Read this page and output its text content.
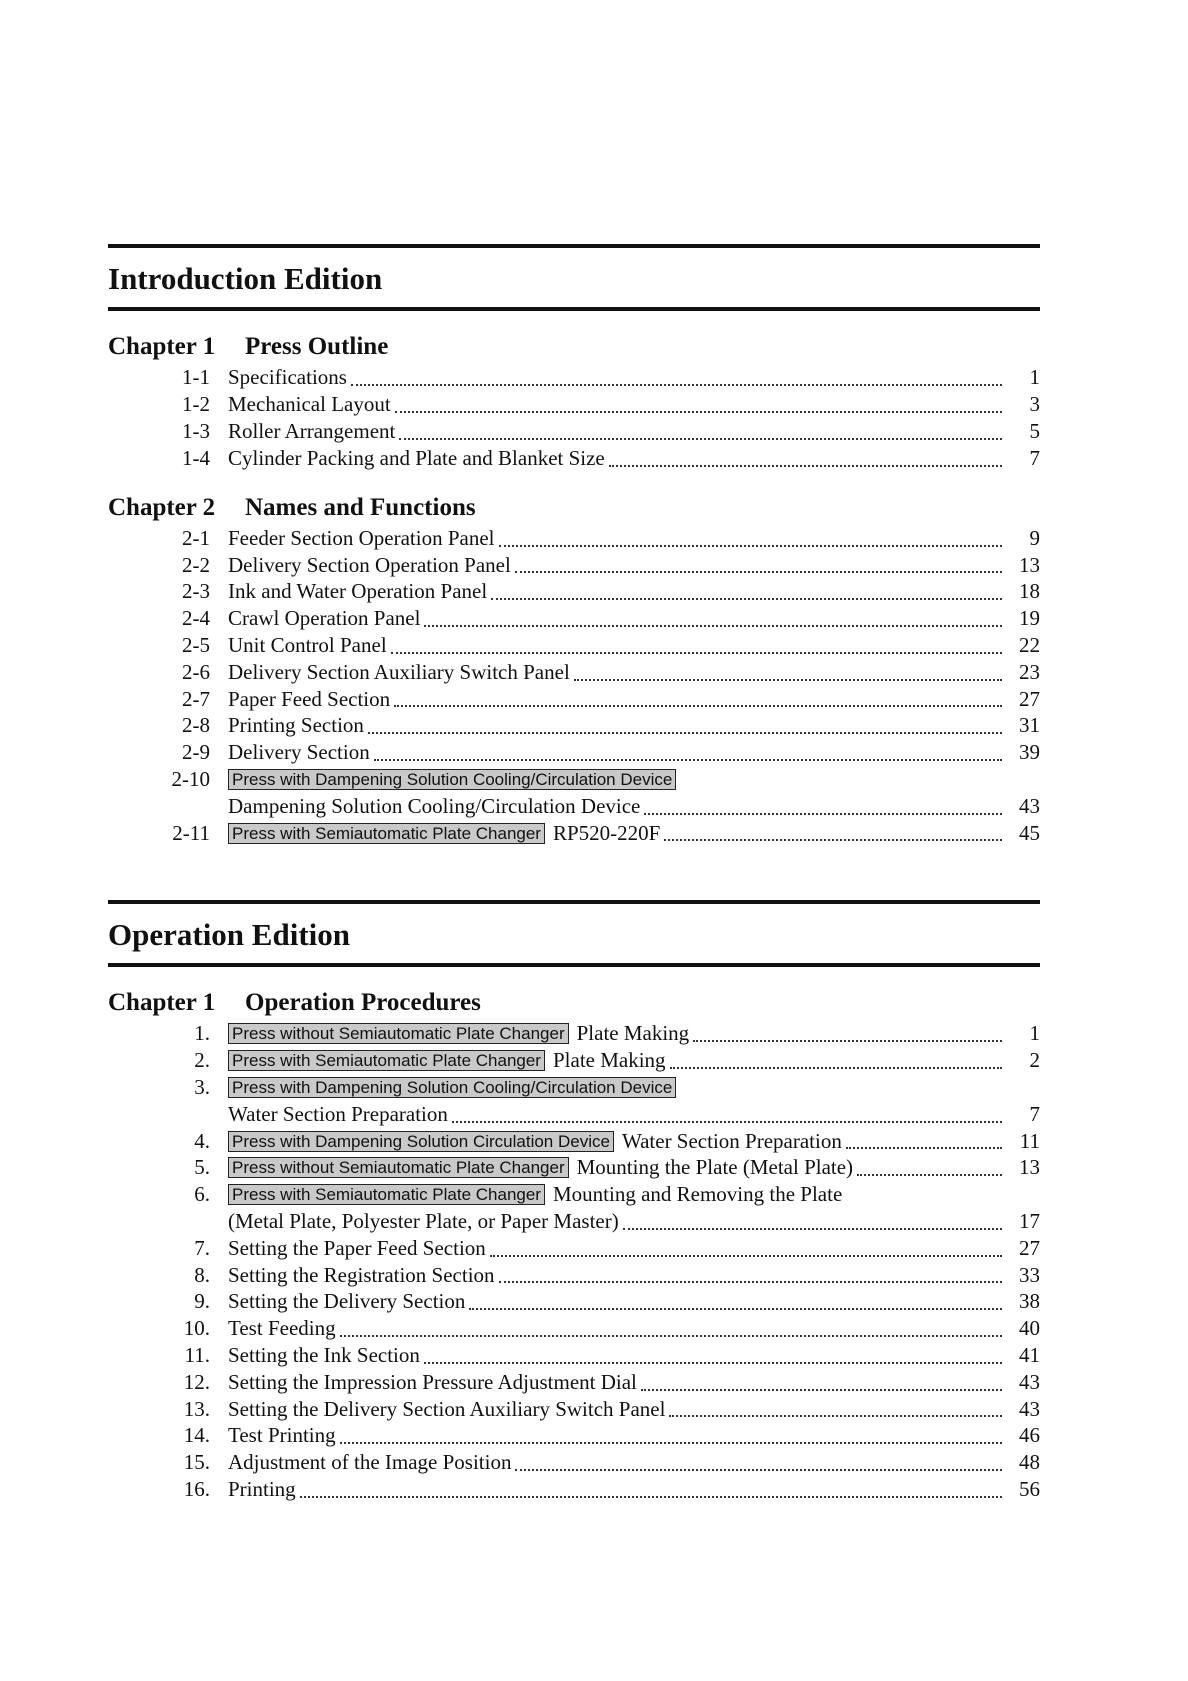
Introduction Edition
Chapter 1 Press Outline
1-1 Specifications	1
1-2 Mechanical Layout	3
1-3 Roller Arrangement	5
1-4 Cylinder Packing and Plate and Blanket Size	7
Chapter 2 Names and Functions
2-1 Feeder Section Operation Panel	9
2-2 Delivery Section Operation Panel	13
2-3 Ink and Water Operation Panel	18
2-4 Crawl Operation Panel	19
2-5 Unit Control Panel	22
2-6 Delivery Section Auxiliary Switch Panel	23
2-7 Paper Feed Section	27
2-8 Printing Section	31
2-9 Delivery Section	39
2-10	Press with Dampening Solution Cooling/Circulation Device
Dampening Solution Cooling/Circulation Device	43
2-11	Press with Semiautomatic Plate Changer RP520-220F	45
Operation Edition
Chapter 1 Operation Procedures
1.	Press without Semiautomatic Plate Changer Plate Making	1
2.	Press with Semiautomatic Plate Changer Plate Making	2
3.	Press with Dampening Solution Cooling/Circulation Device
Water Section Preparation	7
4.	Press with Dampening Solution Circulation Device Water Section Preparation	11
5.	Press without Semiautomatic Plate Changer Mounting the Plate (Metal Plate)	13
6.	Press with Semiautomatic Plate Changer Mounting and Removing the Plate
(Metal Plate, Polyester Plate, or Paper Master)	17
7. Setting the Paper Feed Section	27
8. Setting the Registration Section	33
9. Setting the Delivery Section	38
10. Test Feeding	40
11. Setting the Ink Section	41
12. Setting the Impression Pressure Adjustment Dial	43
13. Setting the Delivery Section Auxiliary Switch Panel	43
14. Test Printing	46
15. Adjustment of the Image Position	48
16. Printing	56
